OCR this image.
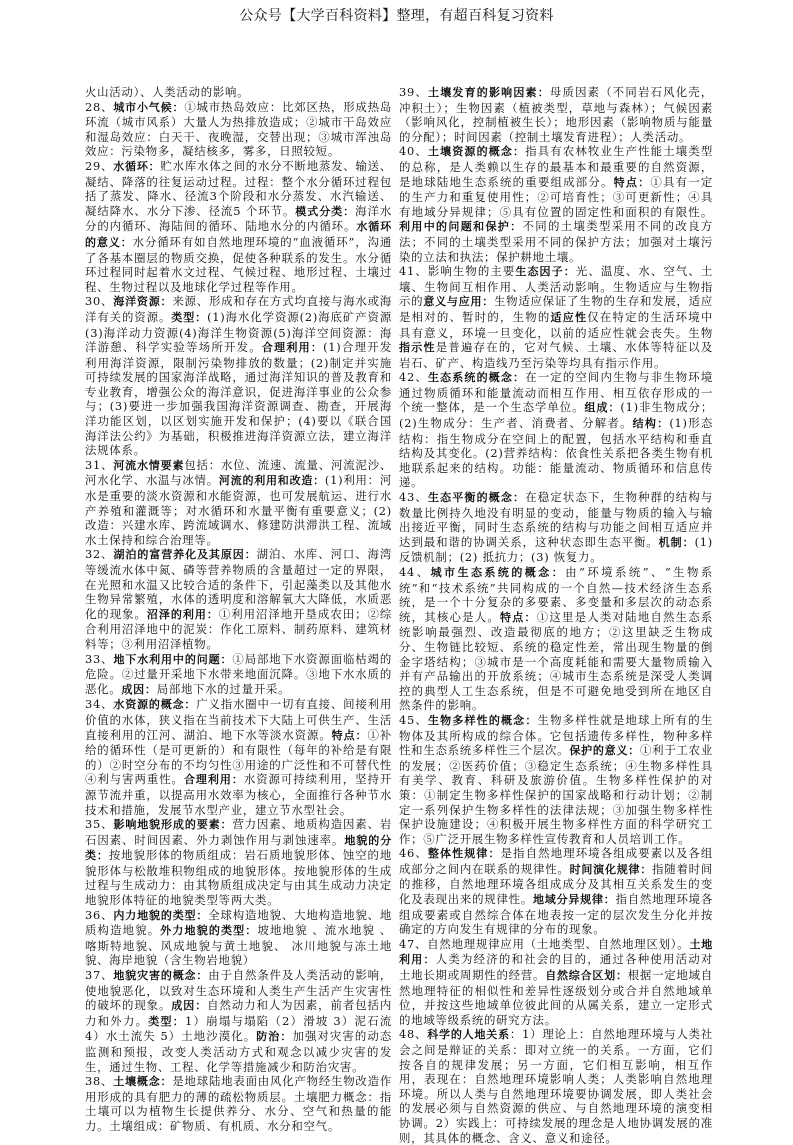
公众号【大学百科资料】整理，有超百科复习资料

火山活动）、人类活动的影响。

28、城市小气候：①城市热岛效应：比郊区热，形成热岛环流（城市风系）大量人为热排放造成；②城市干岛效应和湿岛效应：白天干、夜晚湿，交替出现；③城市浑浊岛效应：污染物多，凝结核多，雾多，日照较短。

29、水循环：贮水库水体之间的水分不断地蒸发、输送、凝结、降落的往复运动过程。过程：整个水分循环过程包括了蒸发、降水、径流3个阶段和水分蒸发、水汽输送、凝结降水、水分下渗、径流5 个环节。模式分类：海洋水分的内循环、海陆间的循环、陆地水分的内循环。水循环的意义：水分循环有如自然地理环境的“血液循环”，沟通了各基本圈层的物质交换，促使各种联系的发生。水分循环过程同时起着水文过程、气候过程、地形过程、土壤过程、生物过程以及地球化学过程等作用。

30、海洋资源：来源、形成和存在方式均直接与海水或海洋有关的资源。类型：(1)海水化学资源(2)海底矿产资源(3)海洋动力资源(4)海洋生物资源(5)海洋空间资源：海洋游憩、科学实验等场所开发。合理利用：(1)合理开发利用海洋资源，限制污染物排放的数量；(2)制定并实施可持续发展的国家海洋战略，通过海洋知识的普及教育和专业教育，增强公众的海洋意识，促进海洋事业的公众参与；(3)要进一步加强我国海洋资源调查、勘查，开展海洋功能区划，以区划实施开发和保护；(4)要以《联合国海洋法公约》为基础，积极推进海洋资源立法，建立海洋法规体系。

31、河流水情要素包括：水位、流速、流量、河流泥沙、河水化学、水温与冰情。河流的利用和改造：(1)利用：河水是重要的淡水资源和水能资源，也可发展航运、进行水产养殖和灌溉等；对水循环和水量平衡有重要意义；(2)改造：兴建水库、跨流域调水、修建防洪滞洪工程、流域水土保持和综合治理等。

32、湖泊的富营养化及其原因：湖泊、水库、河口、海湾等缓流水体中氮、磷等营养物质的含量超过一定的界限，在光照和水温又比较合适的条件下，引起藻类以及其他水生物异常繁殖，水体的透明度和溶解氧大大降低，水质恶化的现象。沼泽的利用：①利用沼泽地开垦成农田；②综合利用沼泽地中的泥炭：作化工原料、制药原料、建筑材料等；③利用沼泽植物。

33、地下水利用中的问题：①局部地下水资源面临枯竭的危险。②过量开采地下水带来地面沉降。③地下水水质的恶化。成因：局部地下水的过量开采。

34、水资源的概念：广义指水圈中一切有直接、间接利用价值的水体，狭义指在当前技术下大陆上可供生产、生活直接利用的江河、湖泊、地下水等淡水资源。特点：①补给的循环性（是可更新的）和有限性（每年的补给是有限的）②时空分布的不均匀性③用途的广泛性和不可替代性④利与害两重性。合理利用：水资源可持续利用，坚持开源节流并重，以提高用水效率为核心，全面推行各种节水技术和措施，发展节水型产业，建立节水型社会。

35、影响地貌形成的要素：营力因素、地质构造因素、岩石因素、时间因素、外力剥蚀作用与剥蚀速率。地貌的分类：按地貌形体的物质组成：岩石质地貌形体、蚀空的地貌形体与松散堆积物组成的地貌形体。按地貌形体的生成过程与生成动力：由其物质组成决定与由其生成动力决定地貌形体特征的地貌类型等两大类。

36、内力地貌的类型：全球构造地貌、大地构造地貌、地质构造地貌。外力地貌的类型：坡地地貌 、流水地貌 、喀斯特地貌、风成地貌与黄土地貌、 冰川地貌与冻土地貌、海岸地貌（含生物岩地貌）

37、地貌灾害的概念：由于自然条件及人类活动的影响，使地貌恶化，以致对生态环境和人类生产生活产生灾害性的破坏的现象。成因：自然动力和人为因素，前者包括内力和外力。类型：1）崩塌与塌陷（2）滑坡 3）泥石流 4）水土流失 5）土地沙漠化。防治：加强对灾害的动态监测和预报，改变人类活动方式和观念以减少灾害的发生，通过生物、工程、化学等措施减少和防治灾害。

38、土壤概念：是地球陆地表面由风化产物经生物改造作用形成的具有肥力的薄的疏松物质层。土壤肥力概念：指土壤可以为植物生长提供养分、水分、空气和热量的能力。土壤组成：矿物质、有机质、水分和空气。

39、土壤发育的影响因素：母质因素（不同岩石风化壳，冲积土）；生物因素（植被类型，草地与森林）；气候因素（影响风化，控制植被生长）；地形因素（影响物质与能量的分配）；时间因素（控制土壤发育进程）；人类活动。

40、土壤资源的概念：指具有农林牧业生产性能土壤类型的总称，是人类赖以生存的最基本和最重要的自然资源，是地球陆地生态系统的重要组成部分。特点：①具有一定的生产力和重复使用性；②可培育性；③可更新性；④具有地域分异规律；⑤具有位置的固定性和面积的有限性。利用中的问题和保护：不同的土壤类型采用不同的改良方法；不同的土壤类型采用不同的保护方法；加强对土壤污染的立法和执法；保护耕地土壤。

41、影响生物的主要生态因子：光、温度、水、空气、土壤、生物间互相作用、人类活动影响。生物适应与生物指示的意义与应用：生物适应保证了生物的生存和发展，适应是相对的、暂时的，生物的适应性仅在特定的生活环境中具有意义，环境一旦变化，以前的适应性就会丧失。生物指示性是普遍存在的，它对气候、土壤、水体等特征以及岩石、矿产、构造线乃至污染等均具有指示作用。

42、生态系统的概念：在一定的空间内生物与非生物环境通过物质循环和能量流动而相互作用、相互依存形成的一个统一整体，是一个生态学单位。组成：(1)非生物成分；(2)生物成分：生产者、消费者、分解者。结构：(1)形态结构：指生物成分在空间上的配置，包括水平结构和垂直结构及其变化。(2)营养结构：依食性关系把各类生物有机地联系起来的结构。功能：能量流动、物质循环和信息传递。

43、生态平衡的概念：在稳定状态下，生物种群的结构与数量比例持久地没有明显的变动，能量与物质的输入与输出接近平衡，同时生态系统的结构与功能之间相互适应并达到最和谐的协调关系，这种状态即生态平衡。机制：(1) 反馈机制；(2) 抵抗力；(3) 恢复力。

44、城市生态系统的概念：由“环境系统”、“生物系统”和“技术系统”共同构成的一个自然—技术经济生态系统，是一个十分复杂的多要素、多变量和多层次的动态系统，其核心是人。特点：①这里是人类对陆地自然生态系统影响最强烈、改造最彻底的地方；②这里缺乏生物成分、生物链比较短、系统的稳定性差，常出现生物量的倒金字塔结构；③城市是一个高度耗能和需要大量物质输入并有产品输出的开放系统；④城市生态系统是深受人类调控的典型人工生态系统，但是不可避免地受到所在地区自然条件的影响。

45、生物多样性的概念：生物多样性就是地球上所有的生物体及其所构成的综合体。它包括遗传多样性，物种多样性和生态系统多样性三个层次。保护的意义：①利于工农业的发展；②医药价值；③稳定生态系统；④生物多样性具有美学、教育、科研及旅游价值。生物多样性保护的对策：①制定生物多样性保护的国家战略和行动计划；②制定一系列保护生物多样性的法律法规；③加强生物多样性保护设施建设；④积极开展生物多样性方面的科学研究工作；⑤广泛开展生物多样性宣传教育和人员培训工作。

46、整体性规律：是指自然地理环境各组成要素以及各组成部分之间内在联系的规律性。时间演化规律：指随着时间的推移，自然地理环境各组成成分及其相互关系发生的变化及表现出来的规律性。地域分异规律：指自然地理环境各组成要素或自然综合体在地表按一定的层次发生分化并按确定的方向发生有规律的分布的现象。

47、自然地理规律应用（土地类型、自然地理区划）。土地利用：人类为经济的和社会的目的，通过各种使用活动对土地长期或周期性的经营。自然综合区划：根据一定地域自然地理特征的相似性和差异性逐级划分或合并自然地域单位，并按这些地域单位彼此间的从属关系，建立一定形式的地域等级系统的研究方法。

48、科学的人地关系：1）理论上：自然地理环境与人类社会之间是辩证的关系：即对立统一的关系。一方面，它们按各自的规律发展；另一方面，它们相互影响，相互作用，表现在：自然地理环境影响人类；人类影响自然地理环境。所以人类与自然地理环境要协调发展，即人类社会的发展必须与自然资源的供应、与自然地理环境的演变相协调。2）实践上：可持续发展的理念是人地协调发展的准则，其具体的概念、含义、意义和途径。
